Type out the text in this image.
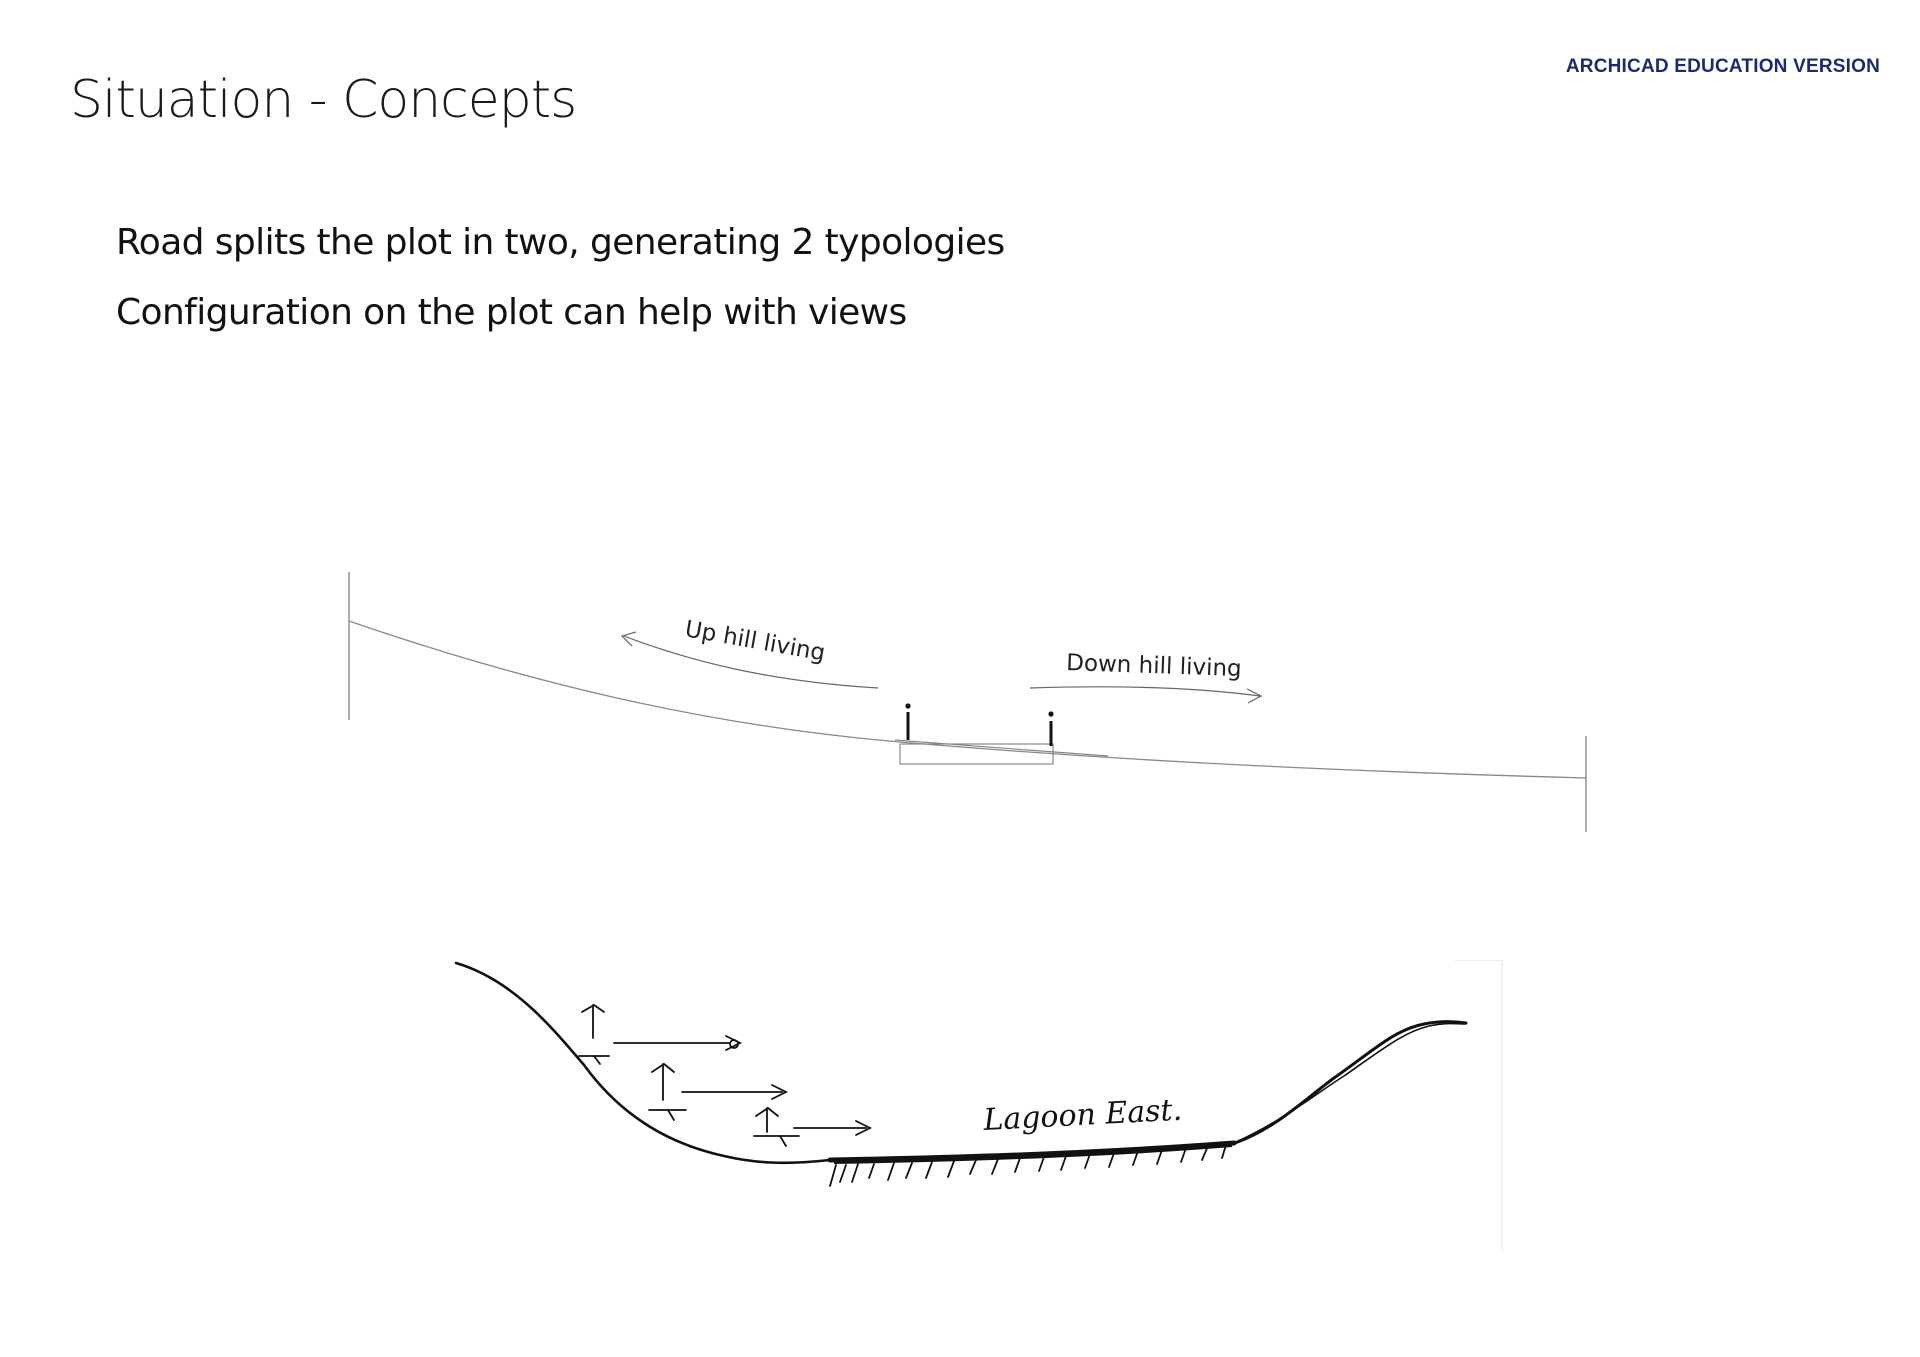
ARCHICAD EDUCATION VERSION
Situation - Concepts
Road splits the plot in two, generating 2 typologies
Configuration on the plot can help with views
Up hill living	Down hill living
Lagoon East.
